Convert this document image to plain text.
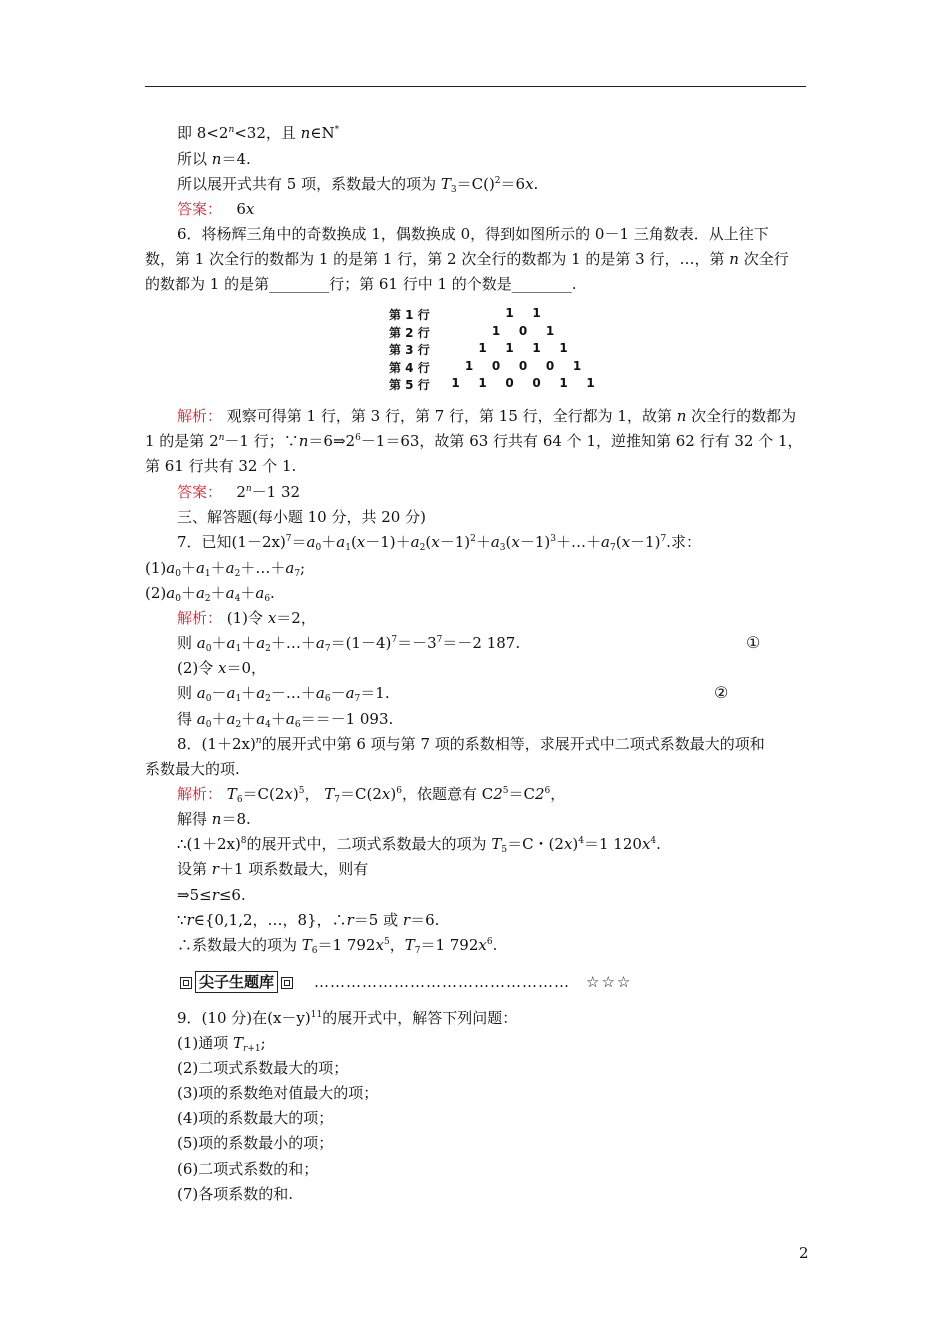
即 $8<2^n<32$，且 n∈N*
所以 n＝4.
所以展开式共有 5 项，系数最大的项为 $T_3=C()^2=6x$.
答案： 6x
6．将杨辉三角中的奇数换成 1，偶数换成 0，得到如图所示的 0－1 三角数表．从上往下
数，第 1 次全行的数都为 1 的是第 1 行，第 2 次全行的数都为 1 的是第 3 行，…，第 n 次全行
的数都为 1 的是第________行；第 61 行中 1 的个数是________.
第 1 行	1 1
第 2 行	1 0 1
第 3 行	1 1 1 1
第 4 行	1 0 0 0 1
第 5 行 1 1 0 0 1 1
解析： 观察可得第 1 行，第 3 行，第 7 行，第 15 行，全行都为 1，故第 n 次全行的数都为
1 的是第 $2^n-1$ 行；$\because n=6\Rightarrow 2^6-1=63$，故第 63 行共有 64 个 1，逆推知第 62 行有 32 个 1，
第 61 行共有 32 个 1.
答案： $2^n-1$ 32
三、解答题(每小题 10 分，共 20 分)
7．已知$(1-2x)^7=a_0+a_1(x-1)+a_2(x-1)^2+a_3(x-1)^3+\dots+a_7(x-1)^7$.求：
$(1)a_0+a_1+a_2+\dots+a_7$;
$(2)a_0+a_2+a_4+a_6$.
解析： (1)令 x＝2，
则 $a_0+a_1+a_2+\dots+a_7=(1-4)^7=-3^7=-2$ 187.	①
(2)令 x＝0，
则 $a_0-a_1+a_2-\dots+a_6-a_7=1$.	②
得 $a_0+a_2+a_4+a_6==-1$ 093.
8．$(1+2x)^n$的展开式中第 6 项与第 7 项的系数相等，求展开式中二项式系数最大的项和
系数最大的项.
解析： $T_6=C(2x)^5$， $T_7=C(2x)^6$，依题意有 $C2^5=C2^6$，
解得 n＝8.
$\therefore(1+2x)^8$的展开式中，二项式系数最大的项为 $T_5=C$・$(2x)^4=1$ $120x^4$.
设第 r＋1 项系数最大，则有
⇒5≤r≤6.
∵r∈{0,1,2，…，8}，∴r＝5 或 r＝6.
∴系数最大的项为 $T_6=1$ $792x^5$，$T_7=1$ $792x^6$.
尖子生题库	………………………………………… ☆☆☆
9．(10 分)在$(x-y)^{11}$的展开式中，解答下列问题：
(1)通项 $T_{r+1}$;
(2)二项式系数最大的项；
(3)项的系数绝对值最大的项；
(4)项的系数最大的项；
(5)项的系数最小的项；
(6)二项式系数的和；
(7)各项系数的和.
2
